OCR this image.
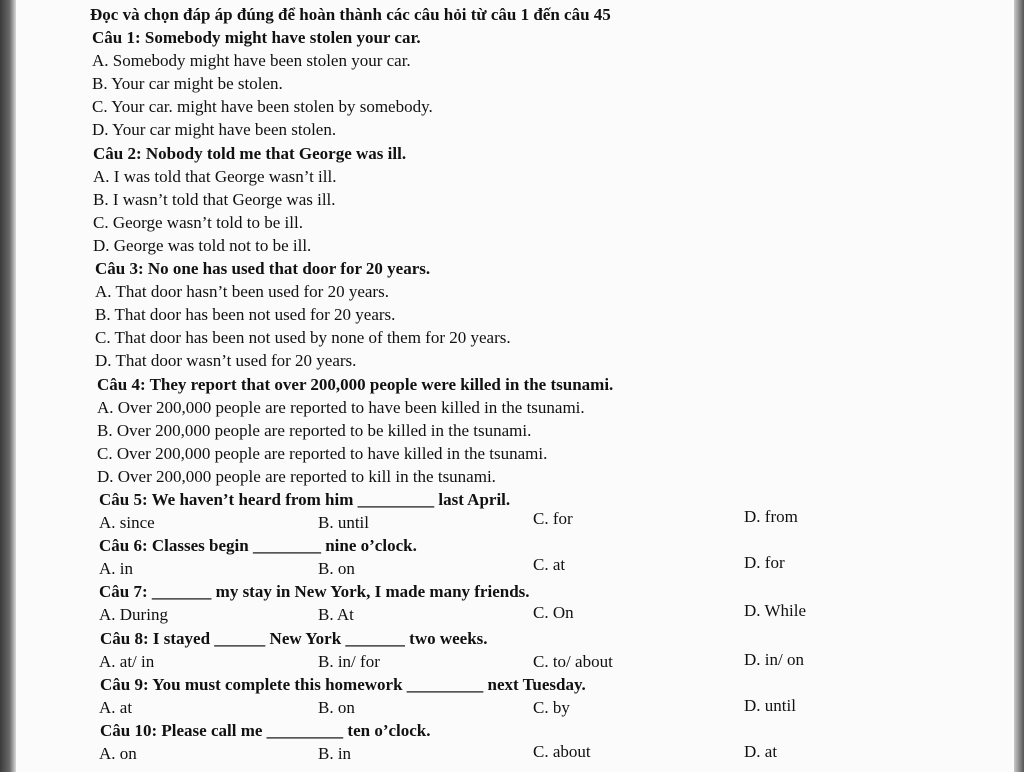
Đọc và chọn đáp áp đúng để hoàn thành các câu hỏi từ câu 1 đến câu 45
Câu 1: Somebody might have stolen your car.
A. Somebody might have been stolen your car.
B. Your car might be stolen.
C. Your car. might have been stolen by somebody.
D. Your car might have been stolen.
Câu 2: Nobody told me that George was ill.
A. I was told that George wasn’t ill.
B. I wasn’t told that George was ill.
C. George wasn’t told to be ill.
D. George was told not to be ill.
Câu 3: No one has used that door for 20 years.
A. That door hasn’t been used for 20 years.
B. That door has been not used for 20 years.
C. That door has been not used by none of them for 20 years.
D. That door wasn’t used for 20 years.
Câu 4: They report that over 200,000 people were killed in the tsunami.
A. Over 200,000 people are reported to have been killed in the tsunami.
B. Over 200,000 people are reported to be killed in the tsunami.
C. Over 200,000 people are reported to have killed in the tsunami.
D. Over 200,000 people are reported to kill in the tsunami.
Câu 5: We haven’t heard from him _________ last April.
A. since	B. until	C. for	D. from
Câu 6: Classes begin ________ nine o’clock.
A. in	B. on	C. at	D. for
Câu 7: _______ my stay in New York, I made many friends.
A. During	B. At	C. On	D. While
Câu 8: I stayed ______ New York _______ two weeks.
A. at/ in	B. in/ for	C. to/ about	D. in/ on
Câu 9: You must complete this homework _________ next Tuesday.
A. at	B. on	C. by	D. until
Câu 10: Please call me _________ ten o’clock.
A. on	B. in	C. about	D. at
